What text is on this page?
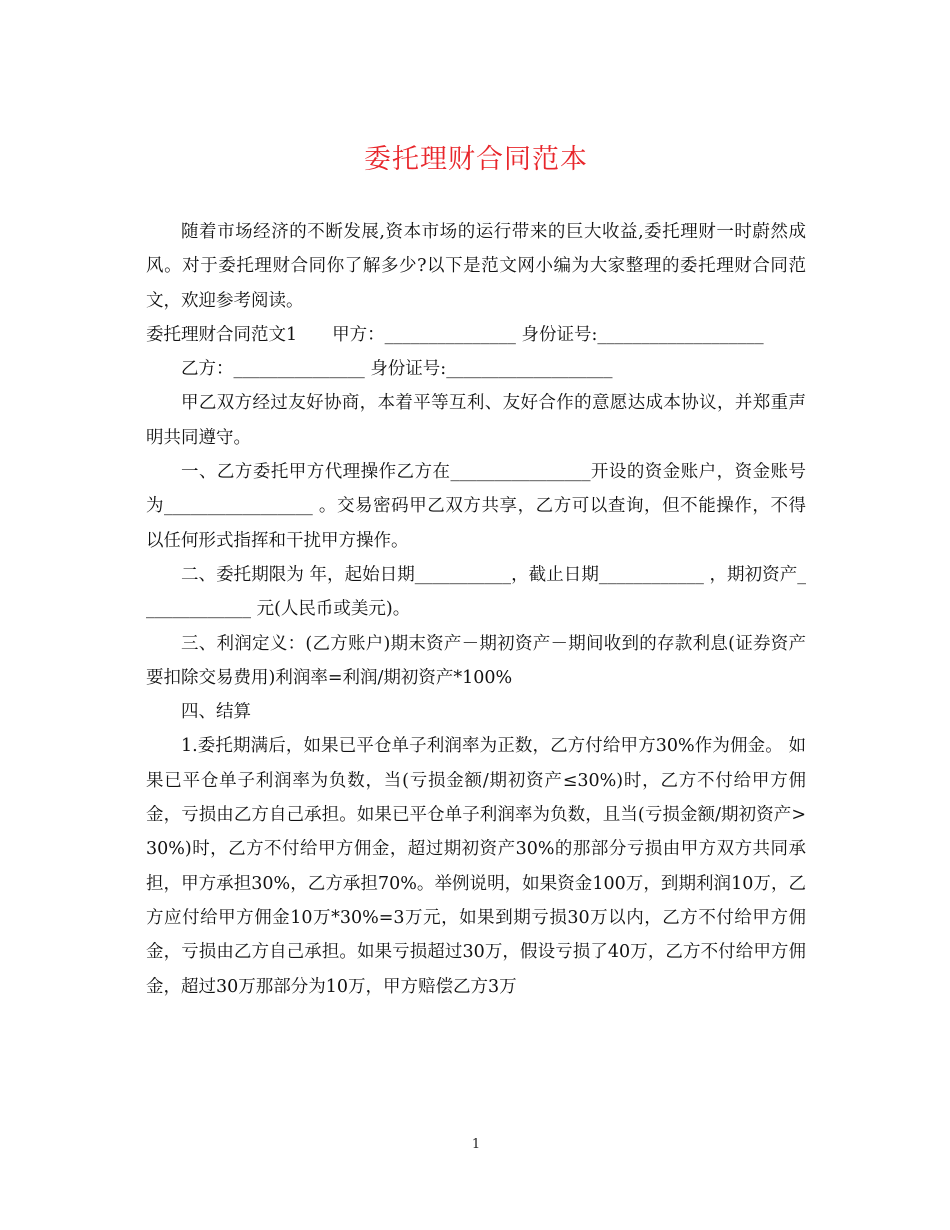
委托理财合同范本

随着市场经济的不断发展,资本市场的运行带来的巨大收益,委托理财一时蔚然成风。对于委托理财合同你了解多少?以下是范文网小编为大家整理的委托理财合同范文，欢迎参考阅读。

委托理财合同范文1　　甲方：_______________ 身份证号:___________________

乙方：_______________ 身份证号:___________________

甲乙双方经过友好协商，本着平等互利、友好合作的意愿达成本协议，并郑重声明共同遵守。

一、乙方委托甲方代理操作乙方在________________开设的资金账户，资金账号为_________________ 。交易密码甲乙双方共享，乙方可以查询，但不能操作，不得以任何形式指挥和干扰甲方操作。

二、委托期限为 年，起始日期___________，截止日期____________ ，期初资产_____________ 元(人民币或美元)。

三、利润定义：(乙方账户)期末资产－期初资产－期间收到的存款利息(证券资产要扣除交易费用)利润率=利润/期初资产*100%

四、结算

1.委托期满后，如果已平仓单子利润率为正数，乙方付给甲方30%作为佣金。 如果已平仓单子利润率为负数，当(亏损金额/期初资产≤30%)时，乙方不付给甲方佣金，亏损由乙方自己承担。如果已平仓单子利润率为负数，且当(亏损金额/期初资产>30%)时，乙方不付给甲方佣金，超过期初资产30%的那部分亏损由甲方双方共同承担，甲方承担30%，乙方承担70%。举例说明，如果资金100万，到期利润10万，乙方应付给甲方佣金10万*30%=3万元，如果到期亏损30万以内，乙方不付给甲方佣金，亏损由乙方自己承担。如果亏损超过30万，假设亏损了40万，乙方不付给甲方佣金，超过30万那部分为10万，甲方赔偿乙方3万

1
